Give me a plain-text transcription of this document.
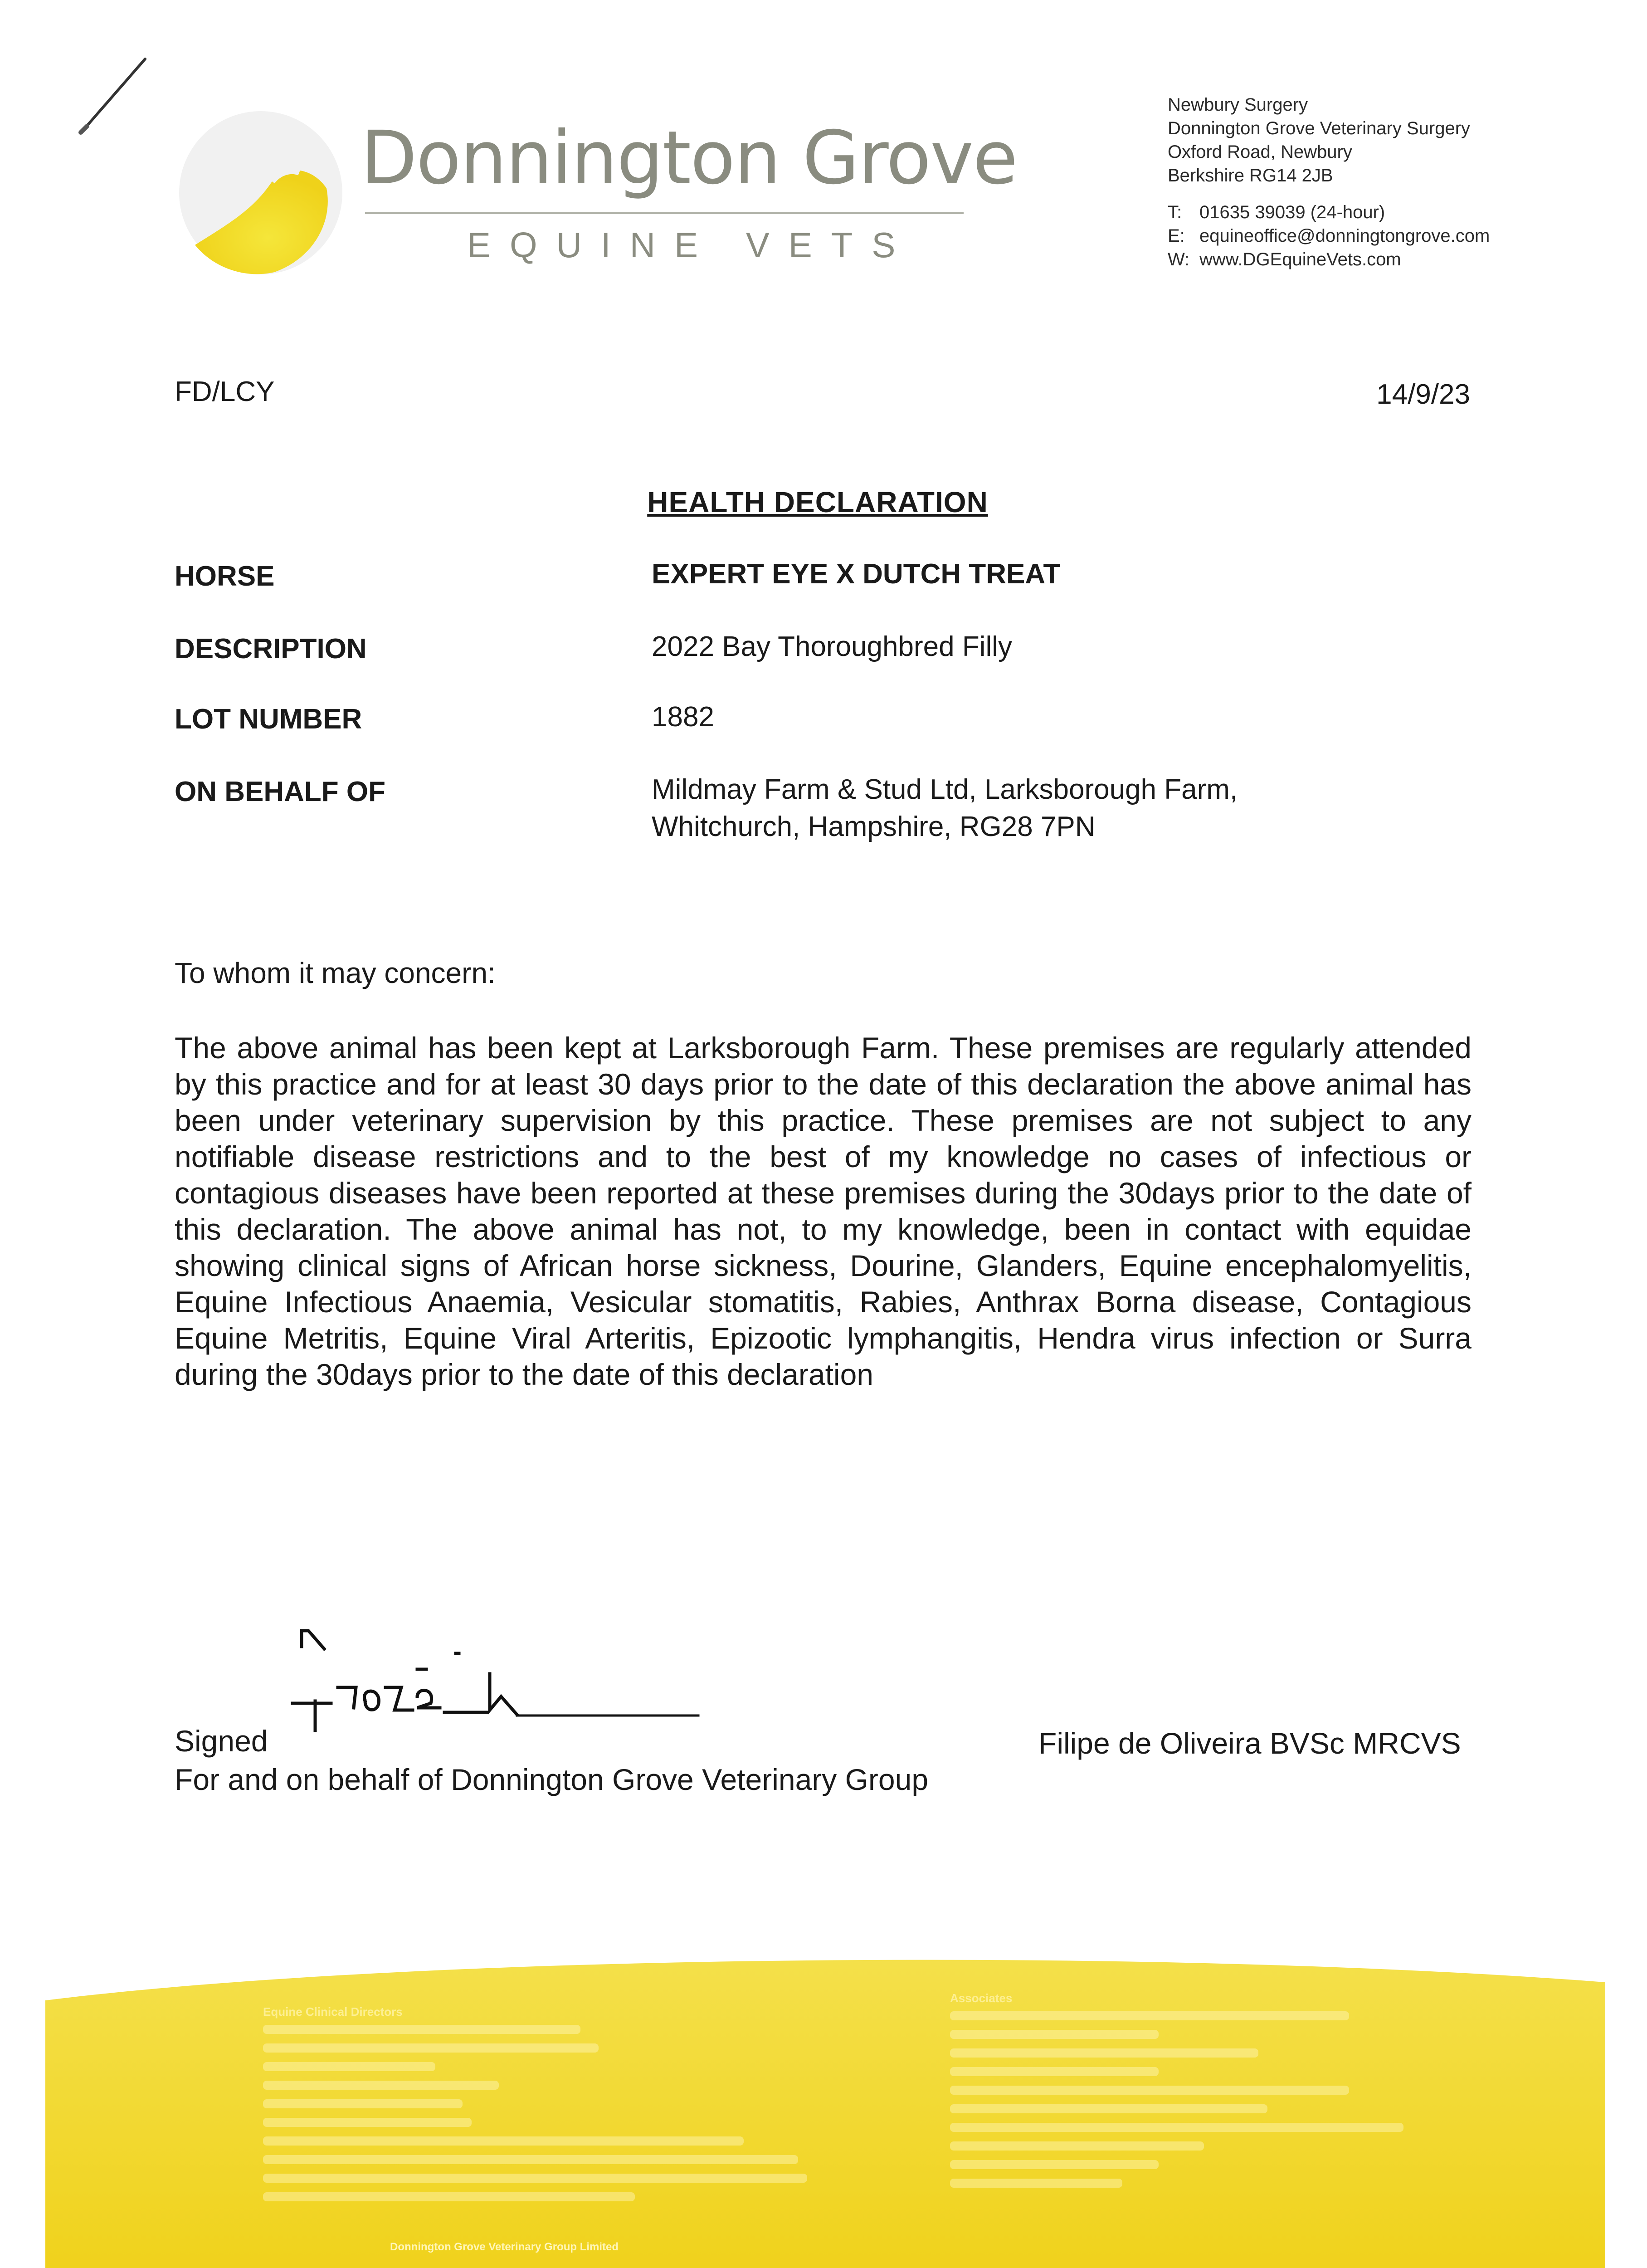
Donnington Grove
EQUINE VETS
Newbury Surgery
Donnington Grove Veterinary Surgery
Oxford Road, Newbury
Berkshire RG14 2JB
T: 01635 39039 (24-hour)
E: equineoffice@donningtongrove.com
W: www.DGEquineVets.com
FD/LCY	14/9/23
HEALTH DECLARATION
HORSE	EXPERT EYE X DUTCH TREAT
DESCRIPTION	2022 Bay Thoroughbred Filly
LOT NUMBER	1882
ON BEHALF OF	Mildmay Farm & Stud Ltd, Larksborough Farm,
Whitchurch, Hampshire, RG28 7PN
To whom it may concern:
The above animal has been kept at Larksborough Farm. These premises are regularly attended by this practice and for at least 30 days prior to the date of this declaration the above animal has been under veterinary supervision by this practice. These premises are not subject to any notifiable disease restrictions and to the best of my knowledge no cases of infectious or contagious diseases have been reported at these premises during the 30days prior to the date of this declaration. The above animal has not, to my knowledge, been in contact with equidae showing clinical signs of African horse sickness, Dourine, Glanders, Equine encephalomyelitis, Equine Infectious Anaemia, Vesicular stomatitis, Rabies, Anthrax Borna disease, Contagious Equine Metritis, Equine Viral Arteritis, Epizootic lymphangitis, Hendra virus infection or Surra during the 30days prior to the date of this declaration
Signed
For and on behalf of Donnington Grove Veterinary Group
Filipe de Oliveira BVSc MRCVS
Equine Clinical Directors
Associates
Donnington Grove Veterinary Group Limited
